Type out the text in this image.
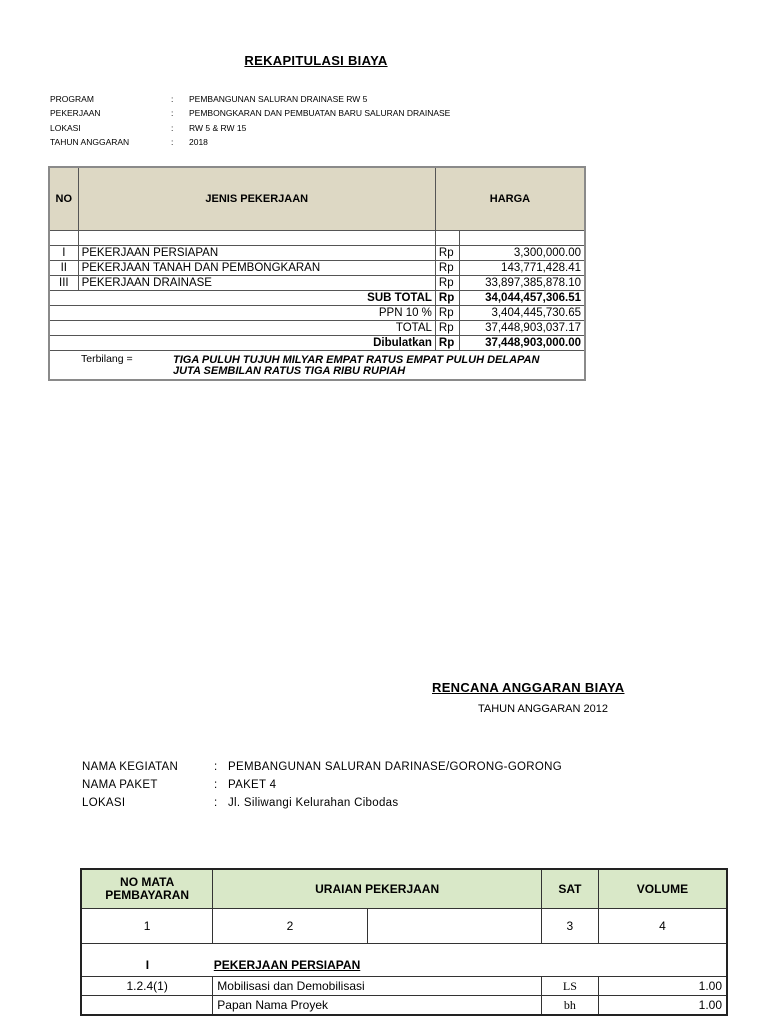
REKAPITULASI BIAYA
PROGRAM	: PEMBANGUNAN SALURAN DRAINASE RW 5
PEKERJAAN	: PEMBONGKARAN DAN PEMBUATAN BARU SALURAN DRAINASE
LOKASI	: RW 5 & RW 15
TAHUN ANGGARAN	: 2018
NO	JENIS PEKERJAAN	HARGA	

I	PEKERJAAN PERSIAPAN	Rp	3,300,000.00
II	PEKERJAAN TANAH DAN PEMBONGKARAN	Rp	143,771,428.41
III	PEKERJAAN DRAINASE	Rp	33,897,385,878.10
SUB TOTAL		Rp	34,044,457,306.51
PPN 10 %		Rp	3,404,445,730.65
TOTAL		Rp	37,448,903,037.17
Dibulatkan		Rp	37,448,903,000.00

Terbilang = TIGA PULUH TUJUH MILYAR EMPAT RATUS EMPAT PULUH DELAPAN
JUTA SEMBILAN RATUS TIGA RIBU RUPIAH			
RENCANA ANGGARAN BIAYA
TAHUN ANGGARAN 2012
NAMA KEGIATAN	: PEMBANGUNAN SALURAN DARINASE/GORONG-GORONG
NAMA PAKET	: PAKET 4
LOKASI	: Jl. Siliwangi Kelurahan Cibodas
NO MATA
PEMBAYARAN	URAIAN PEKERJAAN		SAT	VOLUME
1	2		3	4

I	PEKERJAAN PERSIAPAN			
1.2.4(1)	Mobilisasi dan Demobilisasi		LS	1.00
	Papan Nama Proyek		bh	1.00
